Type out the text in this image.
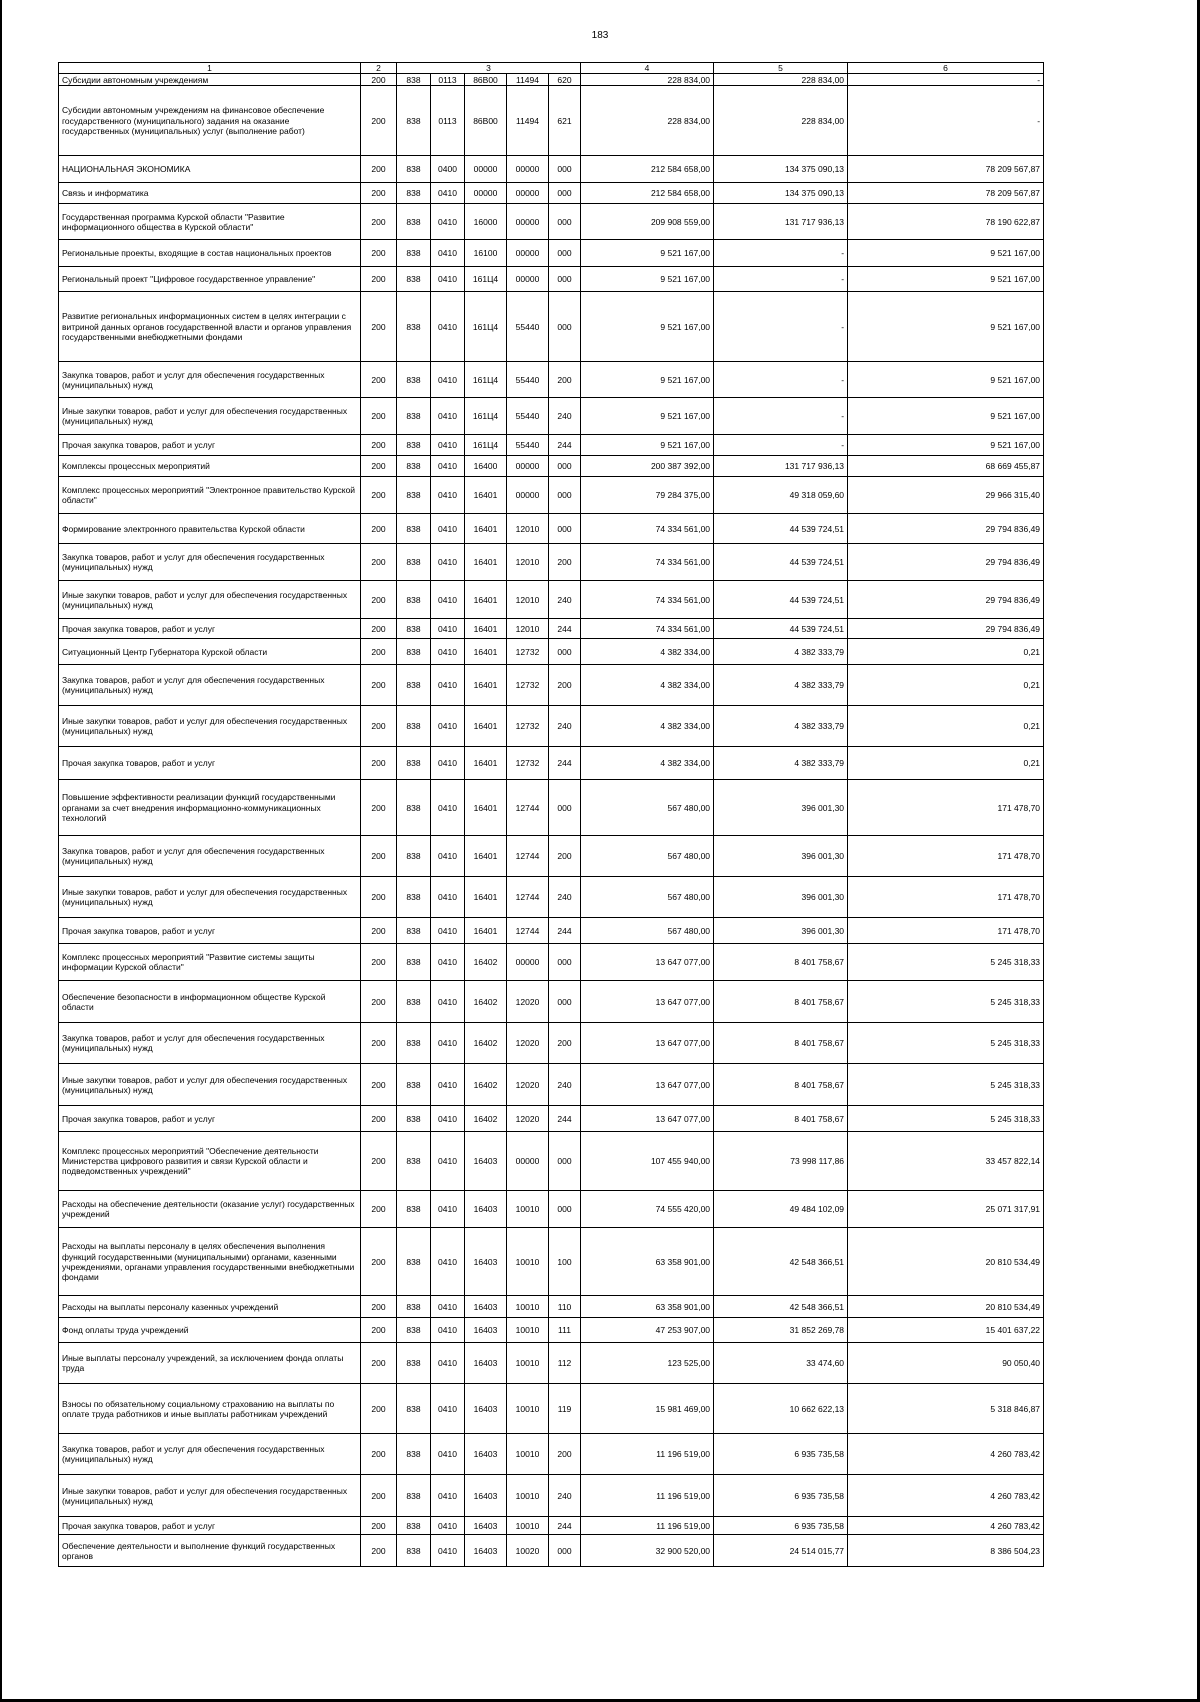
183
1	2	3					4	5	6
Субсидии автономным учреждениям	200	838	0113	86В00	11494	620	228 834,00	228 834,00	-
Субсидии автономным учреждениям на финансовое обеспечение государственного (муниципального) задания на оказание государственных (муниципальных) услуг (выполнение работ)	200	838	0113	86В00	11494	621	228 834,00	228 834,00	-
НАЦИОНАЛЬНАЯ ЭКОНОМИКА	200	838	0400	00000	00000	000	212 584 658,00	134 375 090,13	78 209 567,87
Связь и информатика	200	838	0410	00000	00000	000	212 584 658,00	134 375 090,13	78 209 567,87
Государственная программа Курской области "Развитие информационного общества в Курской области"	200	838	0410	16000	00000	000	209 908 559,00	131 717 936,13	78 190 622,87
Региональные проекты, входящие в состав национальных проектов	200	838	0410	16100	00000	000	9 521 167,00	-	9 521 167,00
Региональный проект "Цифровое государственное управление"	200	838	0410	161Ц4	00000	000	9 521 167,00	-	9 521 167,00
Развитие региональных информационных систем в целях интеграции с витриной данных органов государственной власти и органов управления государственными внебюджетными фондами	200	838	0410	161Ц4	55440	000	9 521 167,00	-	9 521 167,00
Закупка товаров, работ и услуг для обеспечения государственных (муниципальных) нужд	200	838	0410	161Ц4	55440	200	9 521 167,00	-	9 521 167,00
Иные закупки товаров, работ и услуг для обеспечения государственных (муниципальных) нужд	200	838	0410	161Ц4	55440	240	9 521 167,00	-	9 521 167,00
Прочая закупка товаров, работ и услуг	200	838	0410	161Ц4	55440	244	9 521 167,00	-	9 521 167,00
Комплексы процессных мероприятий	200	838	0410	16400	00000	000	200 387 392,00	131 717 936,13	68 669 455,87
Комплекс процессных мероприятий "Электронное правительство Курской области"	200	838	0410	16401	00000	000	79 284 375,00	49 318 059,60	29 966 315,40
Формирование электронного правительства Курской области	200	838	0410	16401	12010	000	74 334 561,00	44 539 724,51	29 794 836,49
Закупка товаров, работ и услуг для обеспечения государственных (муниципальных) нужд	200	838	0410	16401	12010	200	74 334 561,00	44 539 724,51	29 794 836,49
Иные закупки товаров, работ и услуг для обеспечения государственных (муниципальных) нужд	200	838	0410	16401	12010	240	74 334 561,00	44 539 724,51	29 794 836,49
Прочая закупка товаров, работ и услуг	200	838	0410	16401	12010	244	74 334 561,00	44 539 724,51	29 794 836,49
Ситуационный Центр Губернатора Курской области	200	838	0410	16401	12732	000	4 382 334,00	4 382 333,79	0,21
Закупка товаров, работ и услуг для обеспечения государственных (муниципальных) нужд	200	838	0410	16401	12732	200	4 382 334,00	4 382 333,79	0,21
Иные закупки товаров, работ и услуг для обеспечения государственных (муниципальных) нужд	200	838	0410	16401	12732	240	4 382 334,00	4 382 333,79	0,21
Прочая закупка товаров, работ и услуг	200	838	0410	16401	12732	244	4 382 334,00	4 382 333,79	0,21
Повышение эффективности реализации функций государственными органами за счет внедрения информационно-коммуникационных технологий	200	838	0410	16401	12744	000	567 480,00	396 001,30	171 478,70
Закупка товаров, работ и услуг для обеспечения государственных (муниципальных) нужд	200	838	0410	16401	12744	200	567 480,00	396 001,30	171 478,70
Иные закупки товаров, работ и услуг для обеспечения государственных (муниципальных) нужд	200	838	0410	16401	12744	240	567 480,00	396 001,30	171 478,70
Прочая закупка товаров, работ и услуг	200	838	0410	16401	12744	244	567 480,00	396 001,30	171 478,70
Комплекс процессных мероприятий "Развитие системы защиты информации Курской области"	200	838	0410	16402	00000	000	13 647 077,00	8 401 758,67	5 245 318,33
Обеспечение безопасности в информационном обществе Курской области	200	838	0410	16402	12020	000	13 647 077,00	8 401 758,67	5 245 318,33
Закупка товаров, работ и услуг для обеспечения государственных (муниципальных) нужд	200	838	0410	16402	12020	200	13 647 077,00	8 401 758,67	5 245 318,33
Иные закупки товаров, работ и услуг для обеспечения государственных (муниципальных) нужд	200	838	0410	16402	12020	240	13 647 077,00	8 401 758,67	5 245 318,33
Прочая закупка товаров, работ и услуг	200	838	0410	16402	12020	244	13 647 077,00	8 401 758,67	5 245 318,33
Комплекс процессных мероприятий "Обеспечение деятельности Министерства цифрового развития и связи Курской области и подведомственных учреждений"	200	838	0410	16403	00000	000	107 455 940,00	73 998 117,86	33 457 822,14
Расходы на обеспечение деятельности (оказание услуг) государственных учреждений	200	838	0410	16403	10010	000	74 555 420,00	49 484 102,09	25 071 317,91
Расходы на выплаты персоналу в целях обеспечения выполнения функций государственными (муниципальными) органами, казенными учреждениями, органами управления государственными внебюджетными фондами	200	838	0410	16403	10010	100	63 358 901,00	42 548 366,51	20 810 534,49
Расходы на выплаты персоналу казенных учреждений	200	838	0410	16403	10010	110	63 358 901,00	42 548 366,51	20 810 534,49
Фонд оплаты труда учреждений	200	838	0410	16403	10010	111	47 253 907,00	31 852 269,78	15 401 637,22
Иные выплаты персоналу учреждений, за исключением фонда оплаты труда	200	838	0410	16403	10010	112	123 525,00	33 474,60	90 050,40
Взносы по обязательному социальному страхованию на выплаты по оплате труда работников и иные выплаты работникам учреждений	200	838	0410	16403	10010	119	15 981 469,00	10 662 622,13	5 318 846,87
Закупка товаров, работ и услуг для обеспечения государственных (муниципальных) нужд	200	838	0410	16403	10010	200	11 196 519,00	6 935 735,58	4 260 783,42
Иные закупки товаров, работ и услуг для обеспечения государственных (муниципальных) нужд	200	838	0410	16403	10010	240	11 196 519,00	6 935 735,58	4 260 783,42
Прочая закупка товаров, работ и услуг	200	838	0410	16403	10010	244	11 196 519,00	6 935 735,58	4 260 783,42
Обеспечение деятельности и выполнение функций государственных органов	200	838	0410	16403	10020	000	32 900 520,00	24 514 015,77	8 386 504,23
